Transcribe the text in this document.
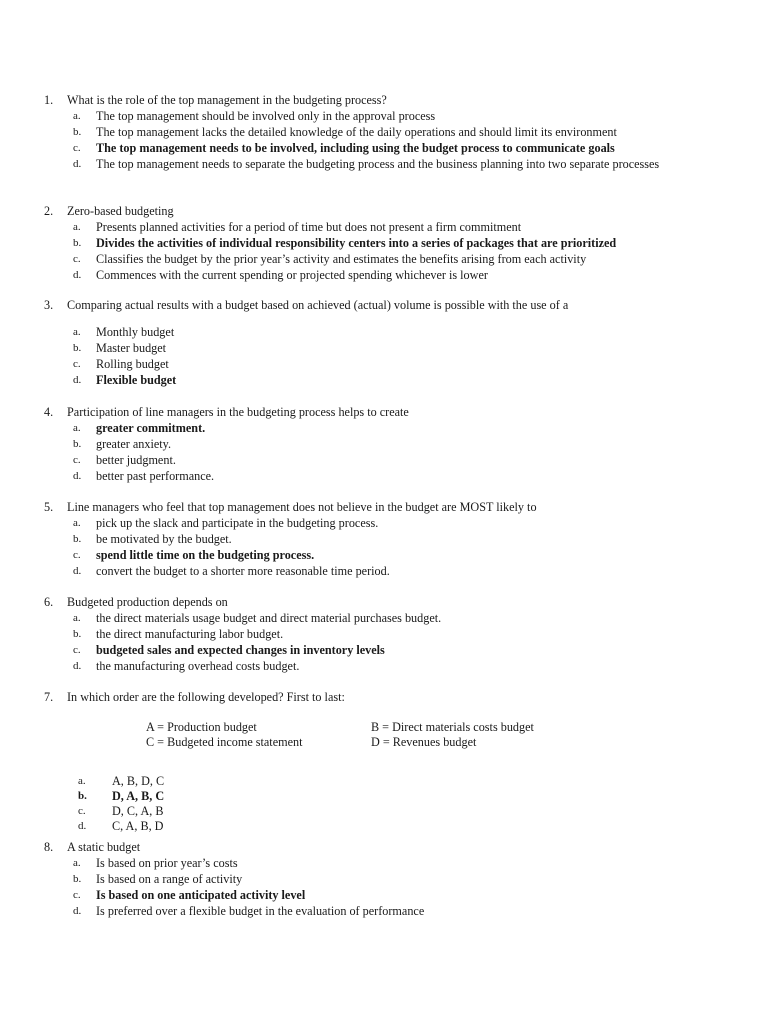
1. What is the role of the top management in the budgeting process?
a. The top management should be involved only in the approval process
b. The top management lacks the detailed knowledge of the daily operations and should limit its environment
c. The top management needs to be involved, including using the budget process to communicate goals
d. The top management needs to separate the budgeting process and the business planning into two separate processes
2. Zero-based budgeting
a. Presents planned activities for a period of time but does not present a firm commitment
b. Divides the activities of individual responsibility centers into a series of packages that are prioritized
c. Classifies the budget by the prior year’s activity and estimates the benefits arising from each activity
d. Commences with the current spending or projected spending whichever is lower
3. Comparing actual results with a budget based on achieved (actual) volume is possible with the use of a
a. Monthly budget
b. Master budget
c. Rolling budget
d. Flexible budget
4. Participation of line managers in the budgeting process helps to create
a. greater commitment.
b. greater anxiety.
c. better judgment.
d. better past performance.
5. Line managers who feel that top management does not believe in the budget are MOST likely to
a. pick up the slack and participate in the budgeting process.
b. be motivated by the budget.
c. spend little time on the budgeting process.
d. convert the budget to a shorter more reasonable time period.
6. Budgeted production depends on
a. the direct materials usage budget and direct material purchases budget.
b. the direct manufacturing labor budget.
c. budgeted sales and expected changes in inventory levels
d. the manufacturing overhead costs budget.
7. In which order are the following developed? First to last:
A = Production budget	B = Direct materials costs budget
C = Budgeted income statement	D = Revenues budget
a. A, B, D, C
b. D, A, B, C
c. D, C, A, B
d. C, A, B, D
8. A static budget
a. Is based on prior year’s costs
b. Is based on a range of activity
c. Is based on one anticipated activity level
d. Is preferred over a flexible budget in the evaluation of performance
